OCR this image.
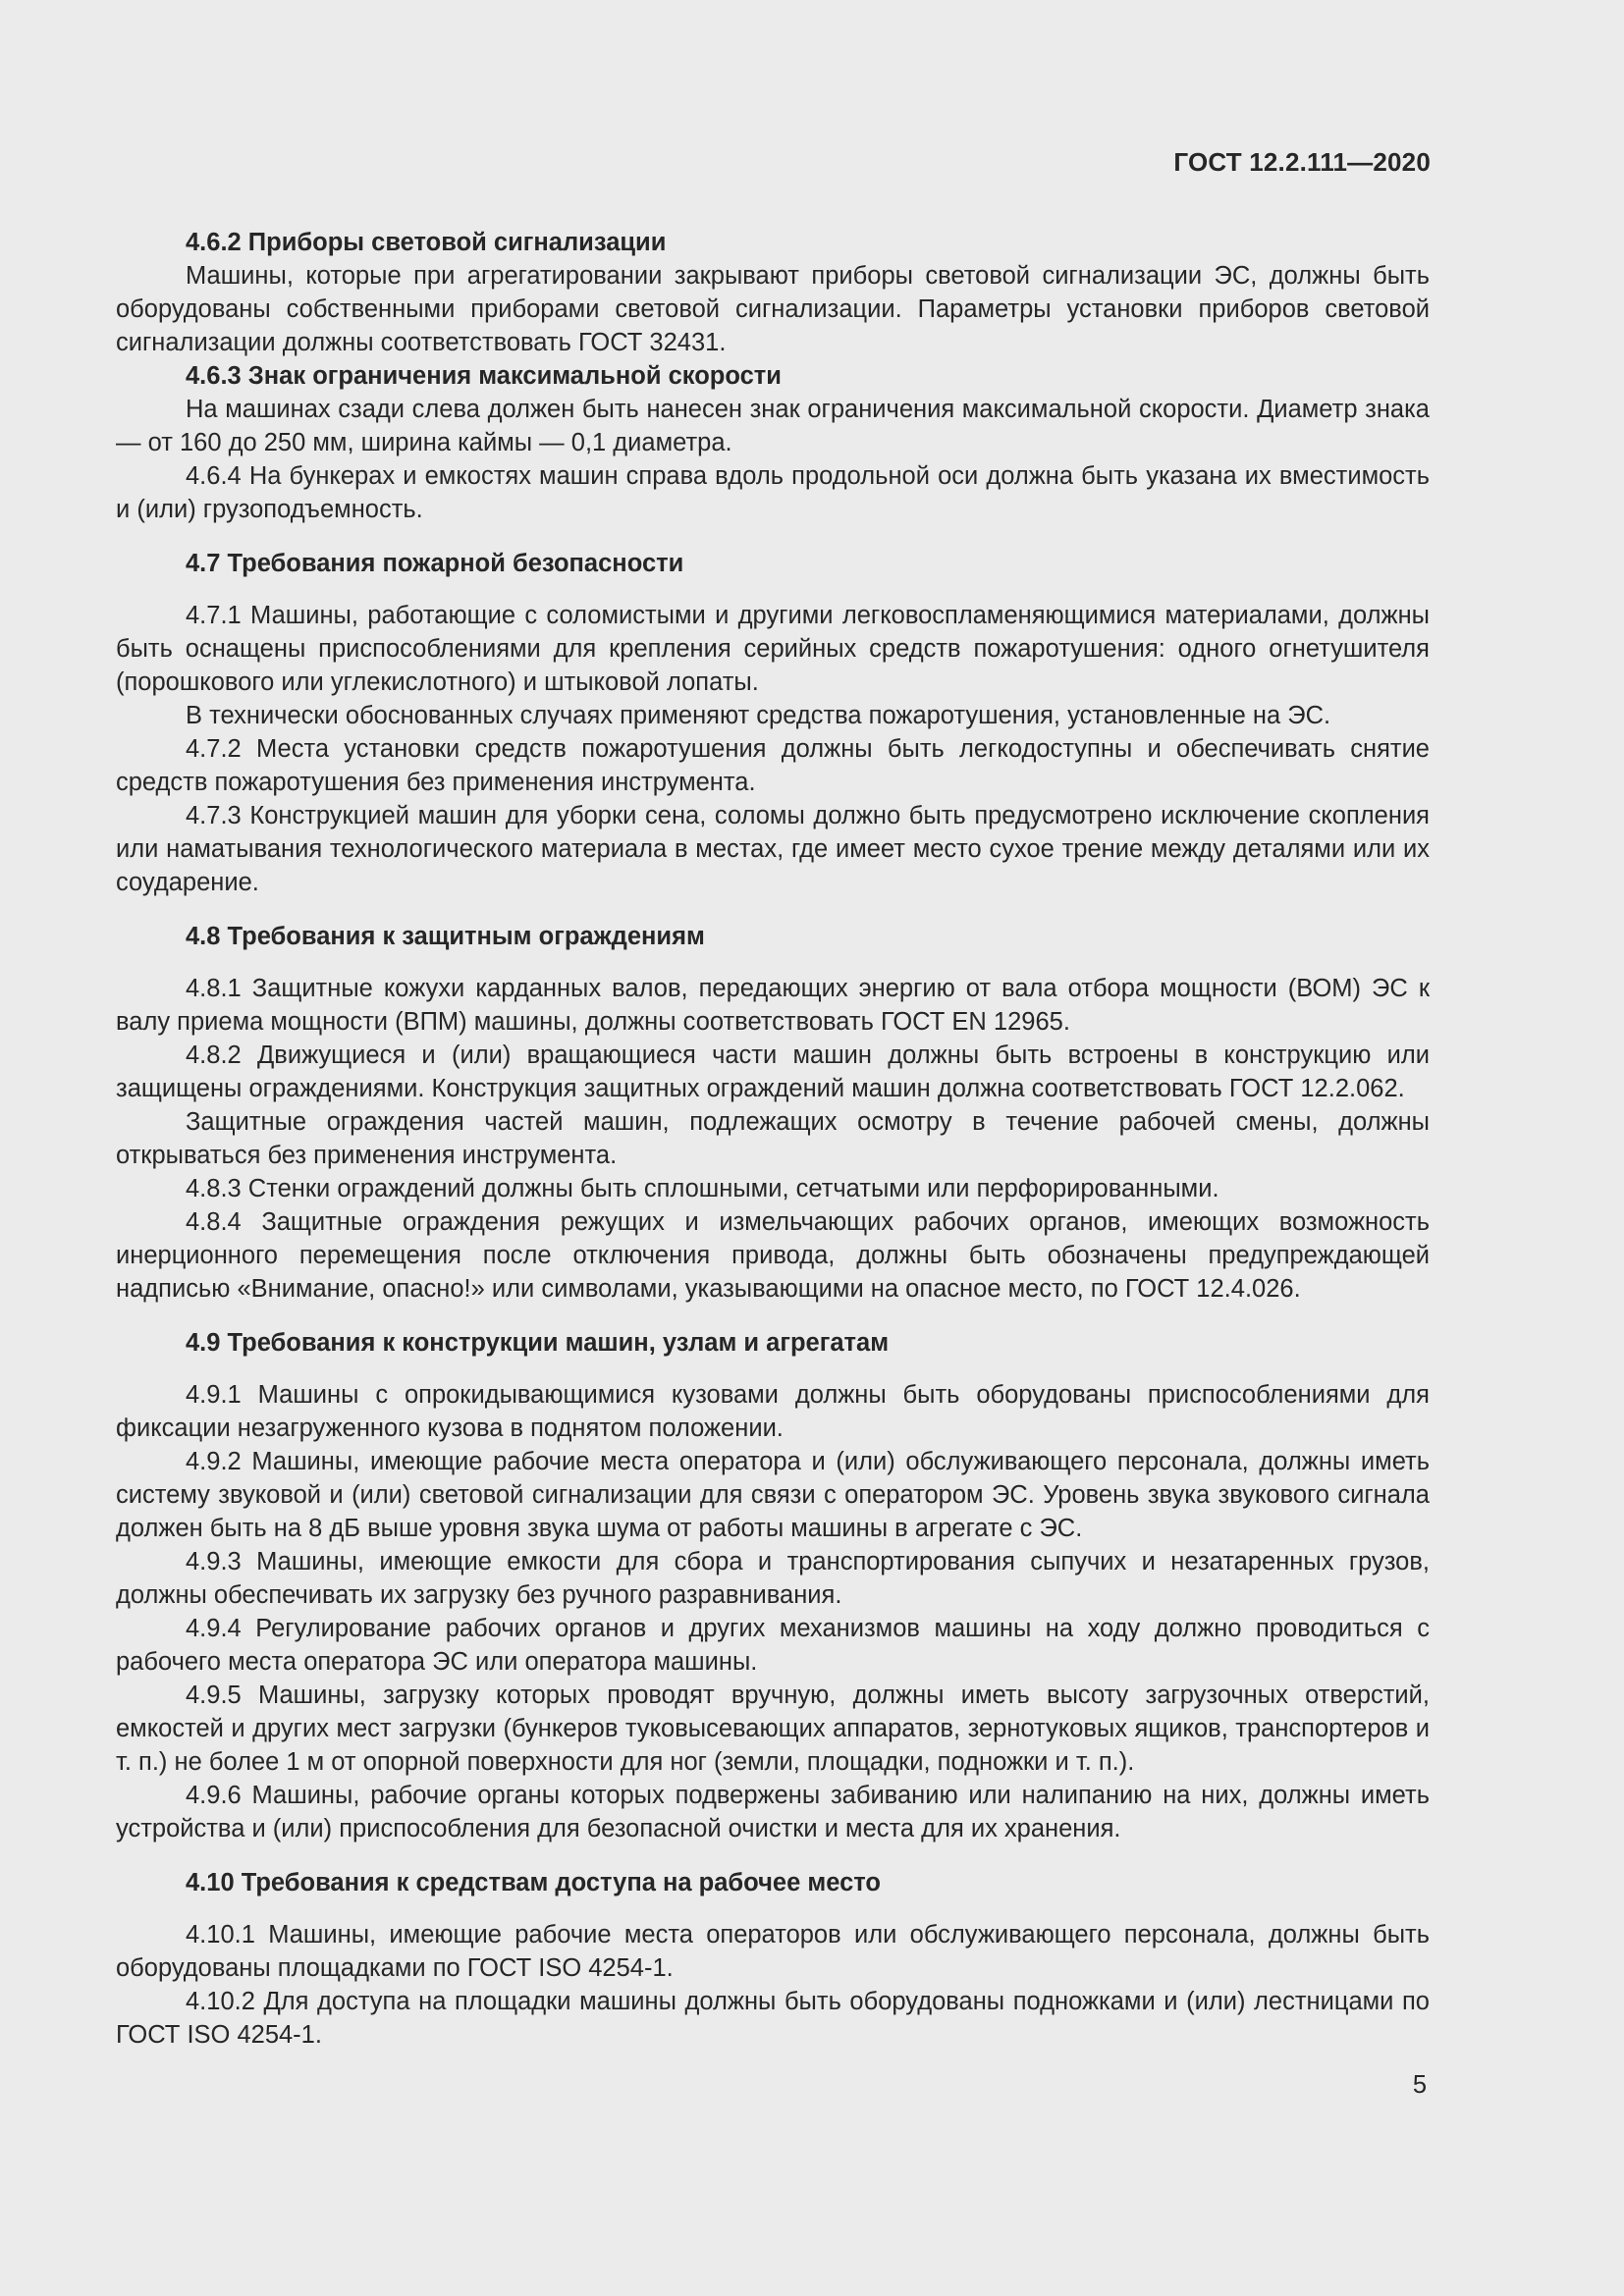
ГОСТ 12.2.111—2020

4.6.2 Приборы световой сигнализации

Машины, которые при агрегатировании закрывают приборы световой сигнализации ЭС, должны быть оборудованы собственными приборами световой сигнализации. Параметры установки приборов световой сигнализации должны соответствовать ГОСТ 32431.

4.6.3 Знак ограничения максимальной скорости

На машинах сзади слева должен быть нанесен знак ограничения максимальной скорости. Диаметр знака — от 160 до 250 мм, ширина каймы — 0,1 диаметра.

4.6.4 На бункерах и емкостях машин справа вдоль продольной оси должна быть указана их вместимость и (или) грузоподъемность.

4.7 Требования пожарной безопасности

4.7.1 Машины, работающие с соломистыми и другими легковоспламеняющимися материалами, должны быть оснащены приспособлениями для крепления серийных средств пожаротушения: одного огнетушителя (порошкового или углекислотного) и штыковой лопаты.

В технически обоснованных случаях применяют средства пожаротушения, установленные на ЭС.

4.7.2 Места установки средств пожаротушения должны быть легкодоступны и обеспечивать снятие средств пожаротушения без применения инструмента.

4.7.3 Конструкцией машин для уборки сена, соломы должно быть предусмотрено исключение скопления или наматывания технологического материала в местах, где имеет место сухое трение между деталями или их соударение.

4.8 Требования к защитным ограждениям

4.8.1 Защитные кожухи карданных валов, передающих энергию от вала отбора мощности (ВОМ) ЭС к валу приема мощности (ВПМ) машины, должны соответствовать ГОСТ EN 12965.

4.8.2 Движущиеся и (или) вращающиеся части машин должны быть встроены в конструкцию или защищены ограждениями. Конструкция защитных ограждений машин должна соответствовать ГОСТ 12.2.062.

Защитные ограждения частей машин, подлежащих осмотру в течение рабочей смены, должны открываться без применения инструмента.

4.8.3 Стенки ограждений должны быть сплошными, сетчатыми или перфорированными.

4.8.4 Защитные ограждения режущих и измельчающих рабочих органов, имеющих возможность инерционного перемещения после отключения привода, должны быть обозначены предупреждающей надписью «Внимание, опасно!» или символами, указывающими на опасное место, по ГОСТ 12.4.026.

4.9 Требования к конструкции машин, узлам и агрегатам

4.9.1 Машины с опрокидывающимися кузовами должны быть оборудованы приспособлениями для фиксации незагруженного кузова в поднятом положении.

4.9.2 Машины, имеющие рабочие места оператора и (или) обслуживающего персонала, должны иметь систему звуковой и (или) световой сигнализации для связи с оператором ЭС. Уровень звука звукового сигнала должен быть на 8 дБ выше уровня звука шума от работы машины в агрегате с ЭС.

4.9.3 Машины, имеющие емкости для сбора и транспортирования сыпучих и незатаренных грузов, должны обеспечивать их загрузку без ручного разравнивания.

4.9.4 Регулирование рабочих органов и других механизмов машины на ходу должно проводиться с рабочего места оператора ЭС или оператора машины.

4.9.5 Машины, загрузку которых проводят вручную, должны иметь высоту загрузочных отверстий, емкостей и других мест загрузки (бункеров туковысевающих аппаратов, зернотуковых ящиков, транспортеров и т. п.) не более 1 м от опорной поверхности для ног (земли, площадки, подножки и т. п.).

4.9.6 Машины, рабочие органы которых подвержены забиванию или налипанию на них, должны иметь устройства и (или) приспособления для безопасной очистки и места для их хранения.

4.10 Требования к средствам доступа на рабочее место

4.10.1 Машины, имеющие рабочие места операторов или обслуживающего персонала, должны быть оборудованы площадками по ГОСТ ISO 4254-1.

4.10.2 Для доступа на площадки машины должны быть оборудованы подножками и (или) лестницами по ГОСТ ISO 4254-1.

5
